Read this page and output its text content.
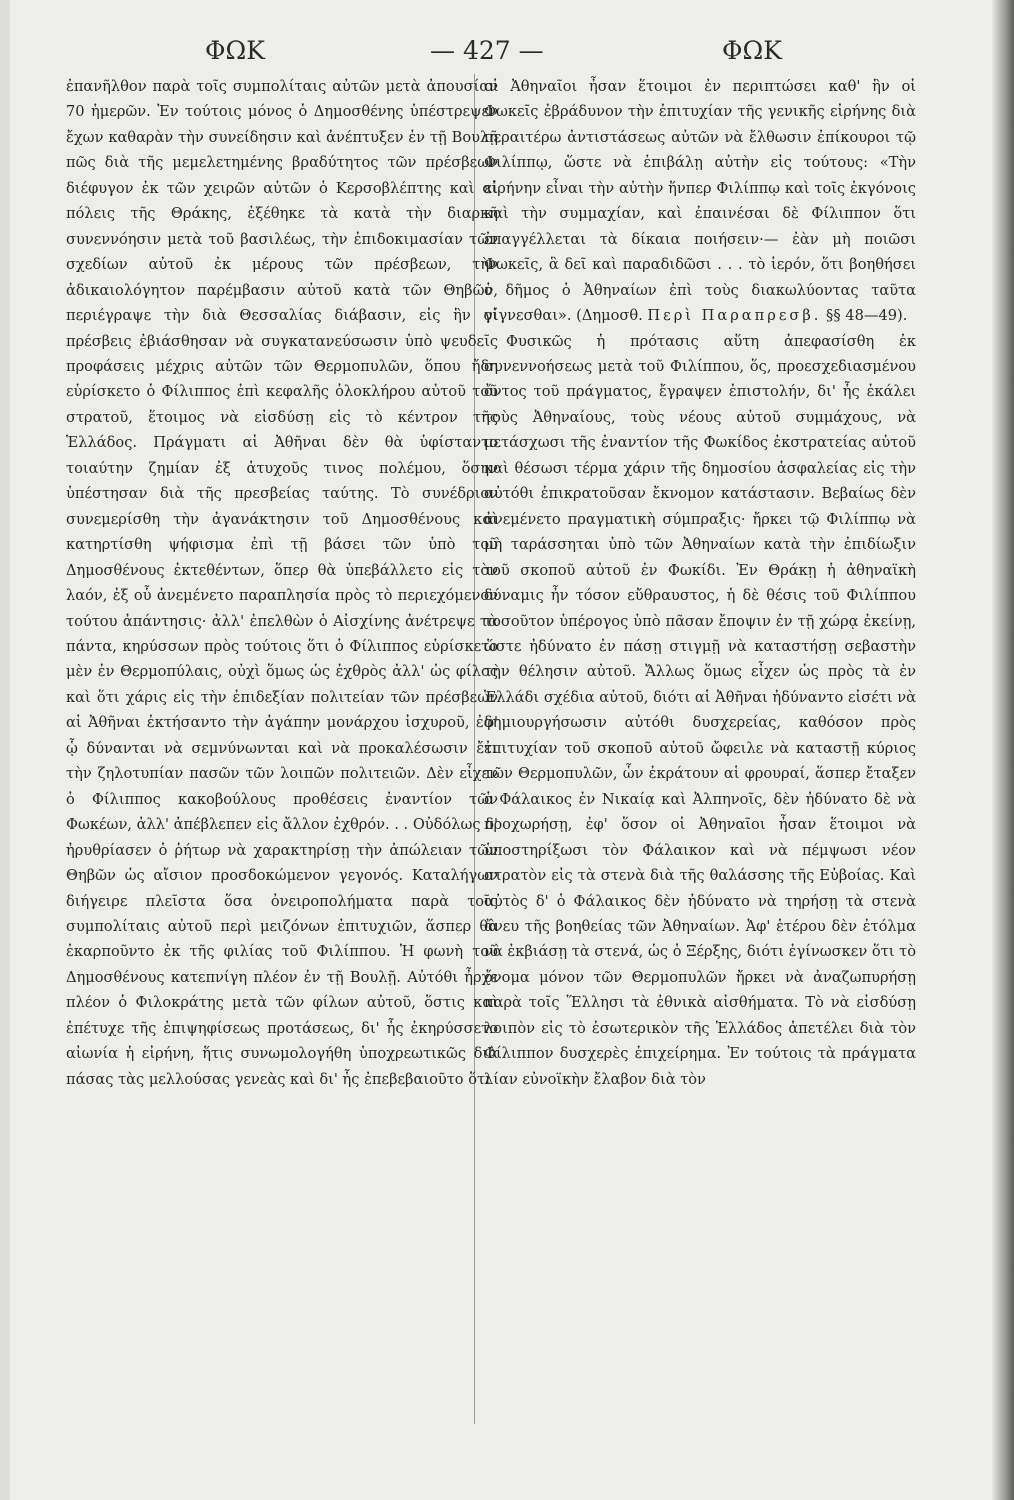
ΦΩΚ	— 427 —	ΦΩΚ

ἐπανῆλθον παρὰ τοῖς συμπολίταις αὐτῶν μετὰ ἀπουσίαν 70 ἡμερῶν. Ἐν τούτοις μόνος ὁ Δημοσθένης ὑπέστρεψεν ἔχων καθαρὰν τὴν συνείδησιν καὶ ἀνέπτυξεν ἐν τῇ Βουλῇ πῶς διὰ τῆς μεμελετημένης βραδύτητος τῶν πρέσβεων διέφυγον ἐκ τῶν χειρῶν αὐτῶν ὁ Κερσοβλέπτης καὶ αἱ πόλεις τῆς Θράκης, ἐξέθηκε τὰ κατὰ τὴν διαρκῆ συνεννόησιν μετὰ τοῦ βασιλέως, τὴν ἐπιδοκιμασίαν τῶν σχεδίων αὐτοῦ ἐκ μέρους τῶν πρέσβεων, τὴν ἀδικαιολόγητον παρέμβασιν αὐτοῦ κατὰ τῶν Θηβῶν, περιέγραψε τὴν διὰ Θεσσαλίας διάβασιν, εἰς ἣν οἱ πρέσβεις ἐβιάσθησαν νὰ συγκατανεύσωσιν ὑπὸ ψευδεῖς προφάσεις μέχρις αὐτῶν τῶν Θερμοπυλῶν, ὅπου ἤδη εὑρίσκετο ὁ Φίλιππος ἐπὶ κεφαλῆς ὁλοκλήρου αὐτοῦ τοῦ στρατοῦ, ἕτοιμος νὰ εἰσδύσῃ εἰς τὸ κέντρον τῆς Ἑλλάδος. Πράγματι αἱ Ἀθῆναι δὲν θὰ ὑφίσταντο τοιαύτην ζημίαν ἐξ ἀτυχοῦς τινος πολέμου, ὅσην ὑπέστησαν διὰ τῆς πρεσβείας ταύτης. Τὸ συνέδριον συνεμερίσθη τὴν ἀγανάκτησιν τοῦ Δημοσθένους καὶ κατηρτίσθη ψήφισμα ἐπὶ τῇ βάσει τῶν ὑπὸ τοῦ Δημοσθένους ἐκτεθέντων, ὅπερ θὰ ὑπεβάλλετο εἰς τὸν λαόν, ἐξ οὗ ἀνεμένετο παραπλησία πρὸς τὸ περιεχόμενον τούτου ἀπάντησις· ἀλλ' ἐπελθὼν ὁ Αἰσχίνης ἀνέτρεψε τὰ πάντα, κηρύσσων πρὸς τούτοις ὅτι ὁ Φίλιππος εὑρίσκετο μὲν ἐν Θερμοπύλαις, οὐχὶ ὅμως ὡς ἐχθρὸς ἀλλ' ὡς φίλος καὶ ὅτι χάρις εἰς τὴν ἐπιδεξίαν πολιτείαν τῶν πρέσβεων αἱ Ἀθῆναι ἐκτήσαντο τὴν ἀγάπην μονάρχου ἰσχυροῦ, ἐφ' ᾧ δύνανται νὰ σεμνύνωνται καὶ νὰ προκαλέσωσιν ἔτι τὴν ζηλοτυπίαν πασῶν τῶν λοιπῶν πολιτειῶν. Δὲν εἶχεν ὁ Φίλιππος κακοβούλους προθέσεις ἐναντίον τῶν Φωκέων, ἀλλ' ἀπέβλεπεν εἰς ἄλλον ἐχθρόν. . . Οὐδόλως δ' ἠρυθρίασεν ὁ ῥήτωρ νὰ χαρακτηρίσῃ τὴν ἀπώλειαν τῶν Θηβῶν ὡς αἴσιον προσδοκώμενον γεγονός. Καταλήγων διήγειρε πλεῖστα ὅσα ὀνειροπολήματα παρὰ τοῖς συμπολίταις αὐτοῦ περὶ μειζόνων ἐπιτυχιῶν, ἅσπερ θὰ ἐκαρποῦντο ἐκ τῆς φιλίας τοῦ Φιλίππου. Ἡ φωνὴ τοῦ Δημοσθένους κατεπνίγη πλέον ἐν τῇ Βουλῇ. Αὐτόθι ἦρχε πλέον ὁ Φιλοκράτης μετὰ τῶν φίλων αὐτοῦ, ὅστις καὶ ἐπέτυχε τῆς ἐπιψηφίσεως προτάσεως, δι' ἧς ἐκηρύσσετο αἰωνία ἡ εἰρήνη, ἥτις συνωμολογήθη ὑποχρεωτικῶς διὰ πάσας τὰς μελλούσας γενεὰς καὶ δι' ἧς ἐπεβεβαιοῦτο ὅτι

οἱ Ἀθηναῖοι ἦσαν ἕτοιμοι ἐν περιπτώσει καθ' ἣν οἱ Φωκεῖς ἐβράδυνον τὴν ἐπιτυχίαν τῆς γενικῆς εἰρήνης διὰ περαιτέρω ἀντιστάσεως αὐτῶν νὰ ἔλθωσιν ἐπίκουροι τῷ Φιλίππῳ, ὥστε νὰ ἐπιβάλῃ αὐτὴν εἰς τούτους: «Τὴν εἰρήνην εἶναι τὴν αὐτὴν ἥνπερ Φιλίππῳ καὶ τοῖς ἐκγόνοις καὶ τὴν συμμαχίαν, καὶ ἐπαινέσαι δὲ Φίλιππον ὅτι ἐπαγγέλλεται τὰ δίκαια ποιήσειν·— ἐὰν μὴ ποιῶσι Φωκεῖς, ἃ δεῖ καὶ παραδιδῶσι . . . τὸ ἱερόν, ὅτι βοηθήσει ὁ δῆμος ὁ Ἀθηναίων ἐπὶ τοὺς διακωλύοντας ταῦτα γίγνεσθαι». (Δημοσθ. Περὶ Παραπρεσβ. §§ 48—49).

Φυσικῶς ἡ πρότασις αὕτη ἀπεφασίσθη ἐκ συνεννοήσεως μετὰ τοῦ Φιλίππου, ὅς, προεσχεδιασμένου ὄντος τοῦ πράγματος, ἔγραψεν ἐπιστολήν, δι' ἧς ἐκάλει τοὺς Ἀθηναίους, τοὺς νέους αὐτοῦ συμμάχους, νὰ μετάσχωσι τῆς ἐναντίον τῆς Φωκίδος ἐκστρατείας αὐτοῦ καὶ θέσωσι τέρμα χάριν τῆς δημοσίου ἀσφαλείας εἰς τὴν αὐτόθι ἐπικρατοῦσαν ἔκνομον κατάστασιν. Βεβαίως δὲν ἀνεμένετο πραγματικὴ σύμπραξις· ἤρκει τῷ Φιλίππῳ νὰ μὴ ταράσσηται ὑπὸ τῶν Ἀθηναίων κατὰ τὴν ἐπιδίωξιν τοῦ σκοποῦ αὐτοῦ ἐν Φωκίδι. Ἐν Θράκῃ ἡ ἀθηναϊκὴ δύναμις ἦν τόσον εὔθραυστος, ἡ δὲ θέσις τοῦ Φιλίππου τοσοῦτον ὑπέρογος ὑπὸ πᾶσαν ἔποψιν ἐν τῇ χώρᾳ ἐκείνῃ, ὥστε ἠδύνατο ἐν πάσῃ στιγμῇ νὰ καταστήσῃ σεβαστὴν τὴν θέλησιν αὐτοῦ. Ἄλλως ὅμως εἶχεν ὡς πρὸς τὰ ἐν Ἑλλάδι σχέδια αὐτοῦ, διότι αἱ Ἀθῆναι ἠδύναντο εἰσέτι νὰ δημιουργήσωσιν αὐτόθι δυσχερείας, καθόσον πρὸς ἐπιτυχίαν τοῦ σκοποῦ αὐτοῦ ὤφειλε νὰ καταστῇ κύριος τῶν Θερμοπυλῶν, ὧν ἐκράτουν αἱ φρουραί, ἅσπερ ἔταξεν ὁ Φάλαικος ἐν Νικαίᾳ καὶ Ἀλπηνοῖς, δὲν ἠδύνατο δὲ νὰ προχωρήσῃ, ἐφ' ὅσον οἱ Ἀθηναῖοι ἦσαν ἕτοιμοι νὰ ὑποστηρίξωσι τὸν Φάλαικον καὶ νὰ πέμψωσι νέον στρατὸν εἰς τὰ στενὰ διὰ τῆς θαλάσσης τῆς Εὐβοίας. Καὶ αὐτὸς δ' ὁ Φάλαικος δὲν ἠδύνατο νὰ τηρήσῃ τὰ στενὰ ἄνευ τῆς βοηθείας τῶν Ἀθηναίων. Ἀφ' ἑτέρου δὲν ἐτόλμα νὰ ἐκβιάσῃ τὰ στενά, ὡς ὁ Ξέρξης, διότι ἐγίνωσκεν ὅτι τὸ ὄνομα μόνον τῶν Θερμοπυλῶν ἤρκει νὰ ἀναζωπυρήσῃ παρὰ τοῖς Ἕλλησι τὰ ἐθνικὰ αἰσθήματα. Τὸ νὰ εἰσδύσῃ λοιπὸν εἰς τὸ ἐσωτερικὸν τῆς Ἑλλάδος ἀπετέλει διὰ τὸν Φίλιππον δυσχερὲς ἐπιχείρημα. Ἐν τούτοις τὰ πράγματα λίαν εὐνοϊκὴν ἔλαβον διὰ τὸν
